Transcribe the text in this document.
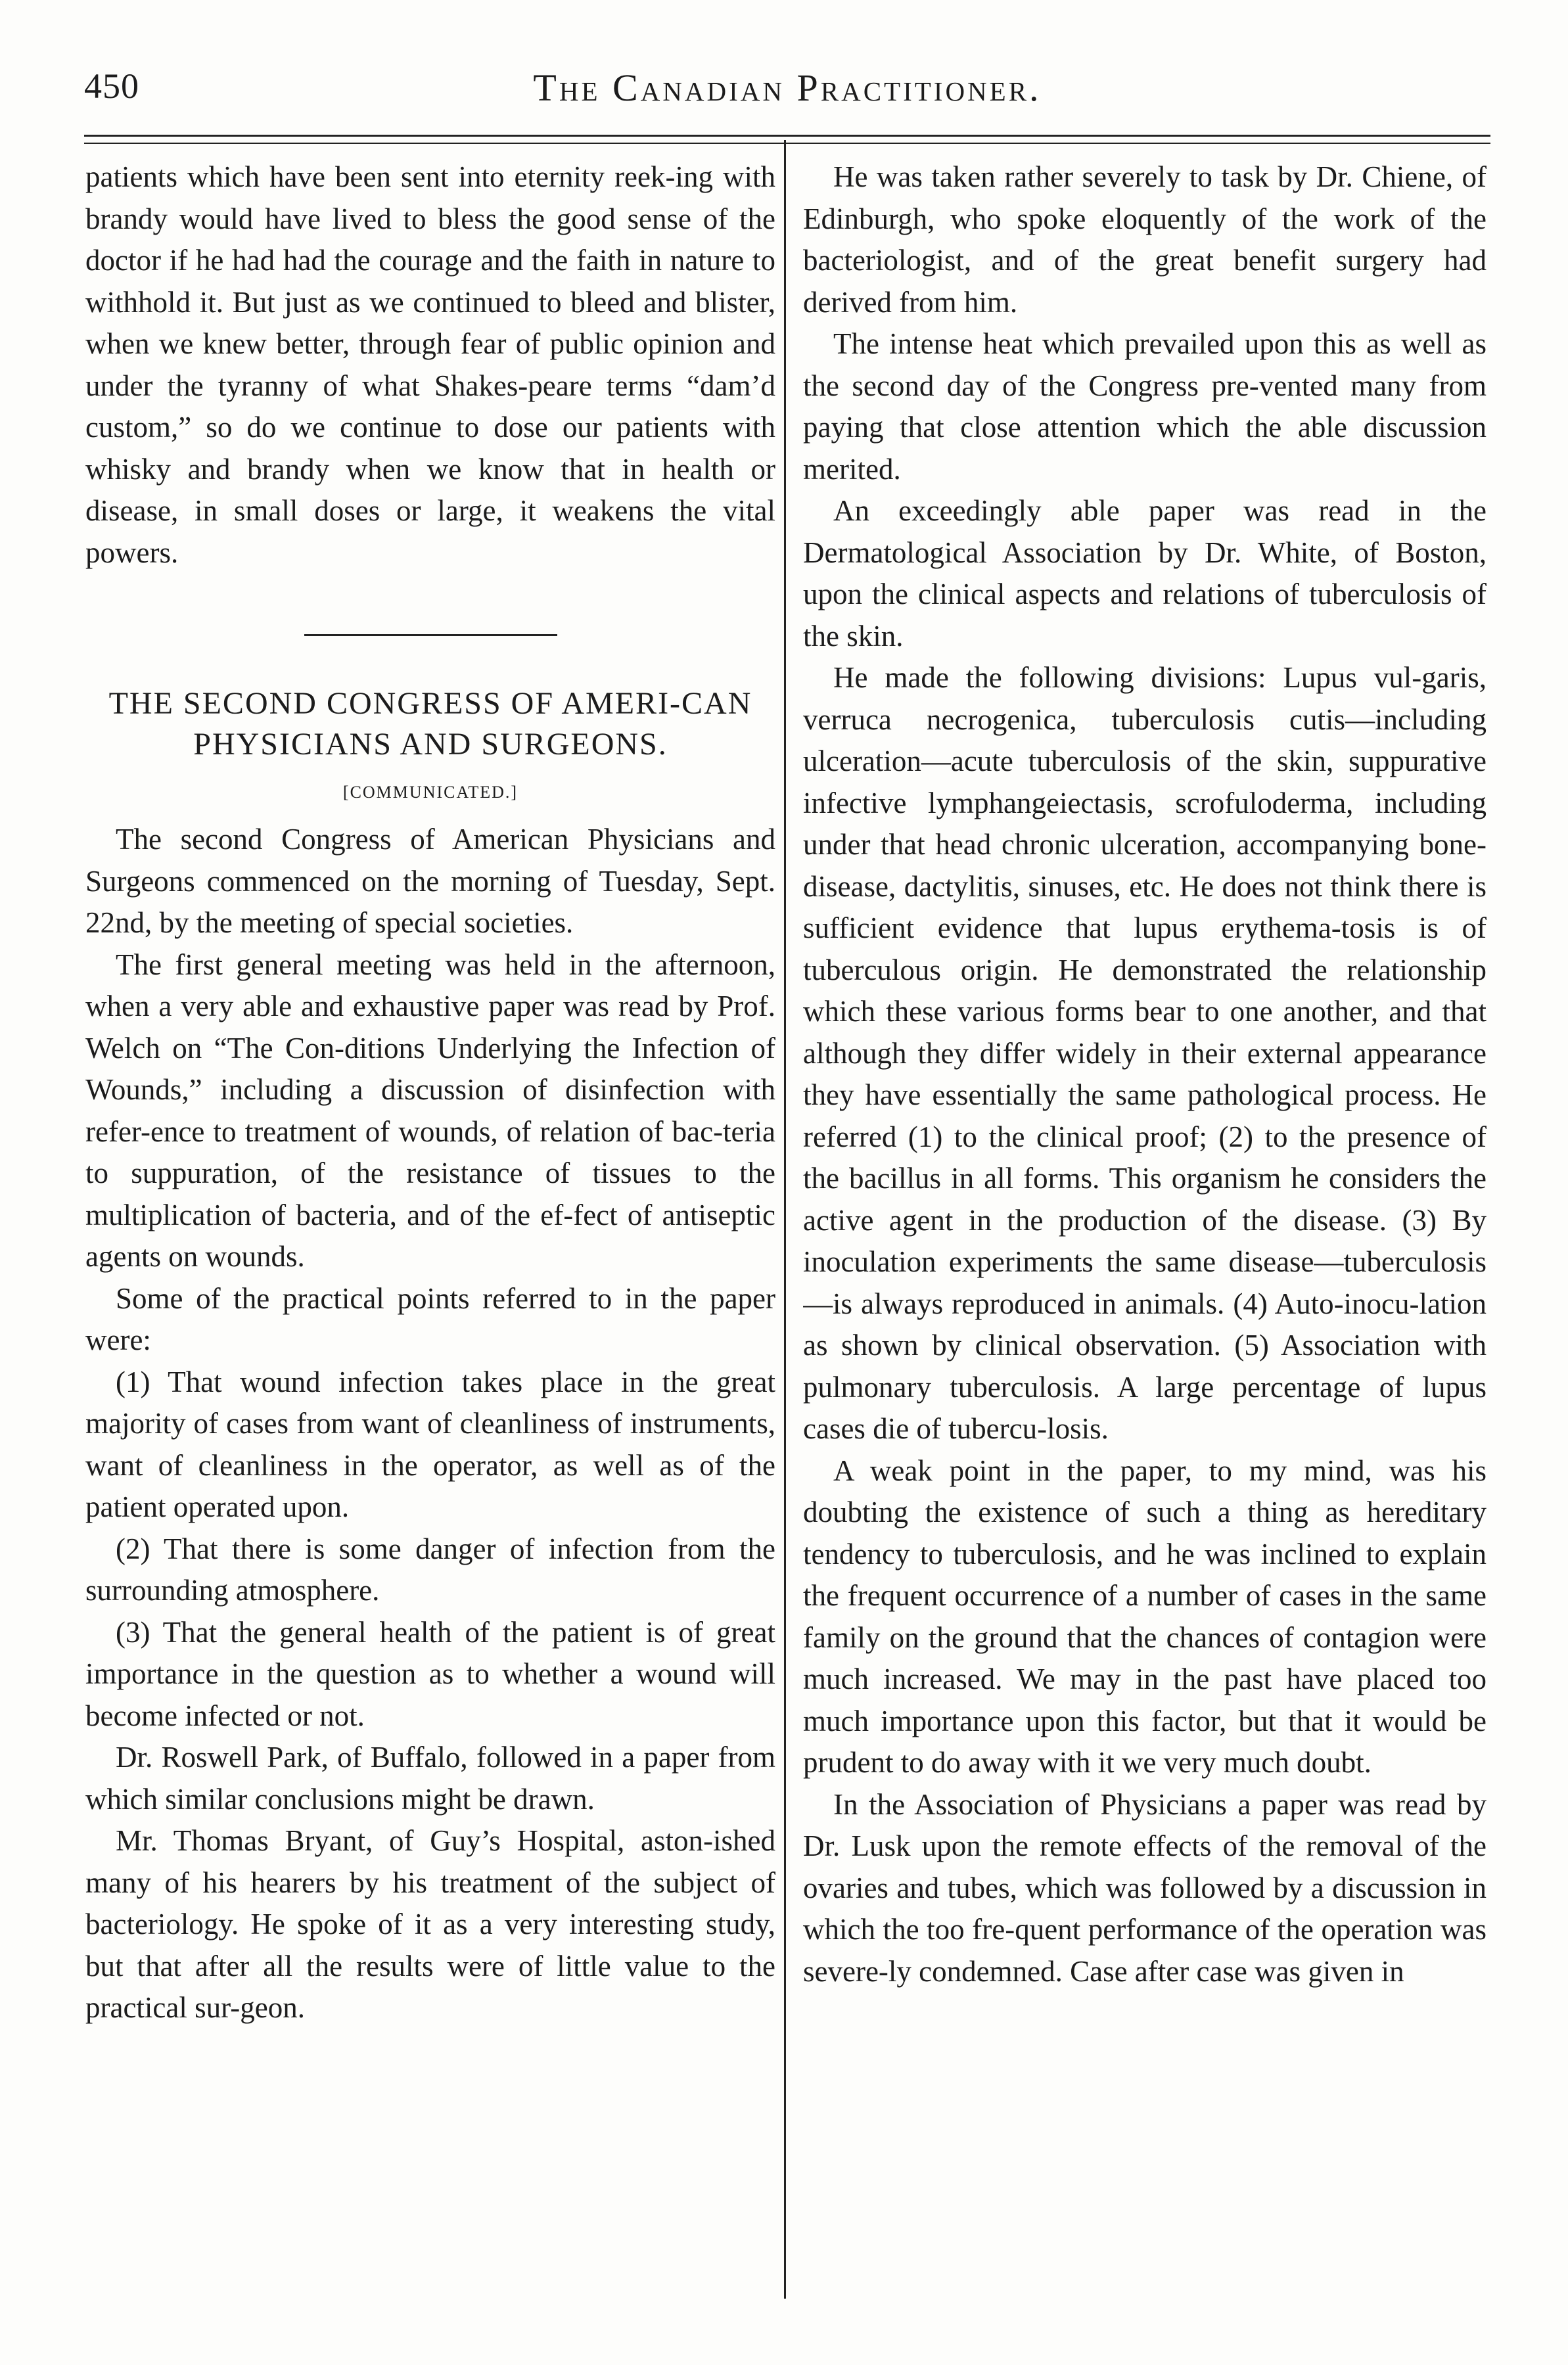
450	The Canadian Practitioner.

patients which have been sent into eternity reek-ing with brandy would have lived to bless the good sense of the doctor if he had had the courage and the faith in nature to withhold it. But just as we continued to bleed and blister, when we knew better, through fear of public opinion and under the tyranny of what Shakes-peare terms “dam’d custom,” so do we continue to dose our patients with whisky and brandy when we know that in health or disease, in small doses or large, it weakens the vital powers.

THE SECOND CONGRESS OF AMERI-CAN PHYSICIANS AND SURGEONS.
[COMMUNICATED.]

The second Congress of American Physicians and Surgeons commenced on the morning of Tuesday, Sept. 22nd, by the meeting of special societies.

The first general meeting was held in the afternoon, when a very able and exhaustive paper was read by Prof. Welch on “The Con-ditions Underlying the Infection of Wounds,” including a discussion of disinfection with refer-ence to treatment of wounds, of relation of bac-teria to suppuration, of the resistance of tissues to the multiplication of bacteria, and of the ef-fect of antiseptic agents on wounds.

Some of the practical points referred to in the paper were:

(1) That wound infection takes place in the great majority of cases from want of cleanliness of instruments, want of cleanliness in the operator, as well as of the patient operated upon.

(2) That there is some danger of infection from the surrounding atmosphere.

(3) That the general health of the patient is of great importance in the question as to whether a wound will become infected or not.

Dr. Roswell Park, of Buffalo, followed in a paper from which similar conclusions might be drawn.

Mr. Thomas Bryant, of Guy’s Hospital, aston-ished many of his hearers by his treatment of the subject of bacteriology. He spoke of it as a very interesting study, but that after all the results were of little value to the practical sur-geon.

He was taken rather severely to task by Dr. Chiene, of Edinburgh, who spoke eloquently of the work of the bacteriologist, and of the great benefit surgery had derived from him.

The intense heat which prevailed upon this as well as the second day of the Congress pre-vented many from paying that close attention which the able discussion merited.

An exceedingly able paper was read in the Dermatological Association by Dr. White, of Boston, upon the clinical aspects and relations of tuberculosis of the skin.

He made the following divisions: Lupus vul-garis, verruca necrogenica, tuberculosis cutis—including ulceration—acute tuberculosis of the skin, suppurative infective lymphangeiectasis, scrofuloderma, including under that head chronic ulceration, accompanying bone-disease, dactylitis, sinuses, etc. He does not think there is sufficient evidence that lupus erythema-tosis is of tuberculous origin. He demonstrated the relationship which these various forms bear to one another, and that although they differ widely in their external appearance they have essentially the same pathological process. He referred (1) to the clinical proof; (2) to the presence of the bacillus in all forms. This organism he considers the active agent in the production of the disease. (3) By inoculation experiments the same disease—tuberculosis—is always reproduced in animals. (4) Auto-inocu-lation as shown by clinical observation. (5) Association with pulmonary tuberculosis. A large percentage of lupus cases die of tubercu-losis.

A weak point in the paper, to my mind, was his doubting the existence of such a thing as hereditary tendency to tuberculosis, and he was inclined to explain the frequent occurrence of a number of cases in the same family on the ground that the chances of contagion were much increased. We may in the past have placed too much importance upon this factor, but that it would be prudent to do away with it we very much doubt.

In the Association of Physicians a paper was read by Dr. Lusk upon the remote effects of the removal of the ovaries and tubes, which was followed by a discussion in which the too fre-quent performance of the operation was severe-ly condemned. Case after case was given in
